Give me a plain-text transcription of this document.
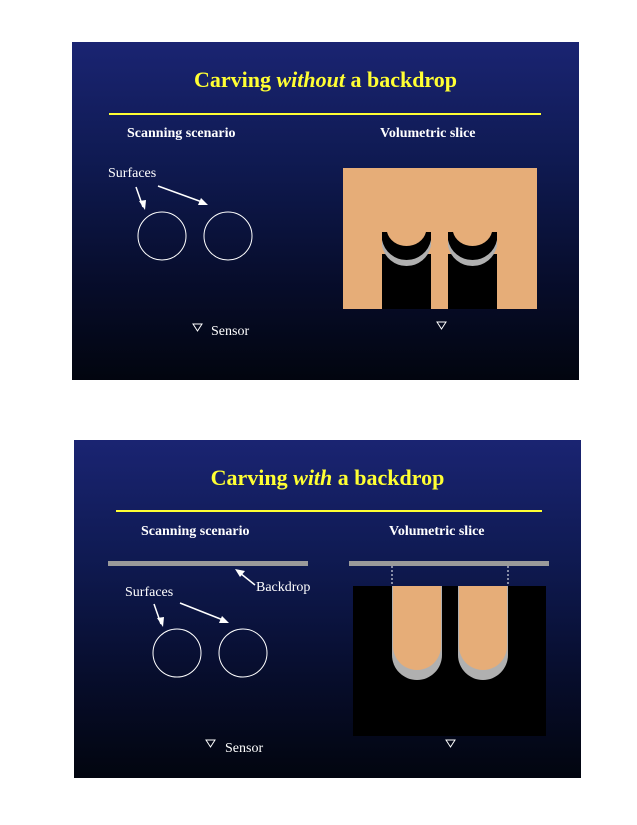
Carving without a backdrop
Scanning scenario	Volumetric slice
Surfaces
Sensor
Carving with a backdrop
Scanning scenario	Volumetric slice
Backdrop
Surfaces
Sensor
